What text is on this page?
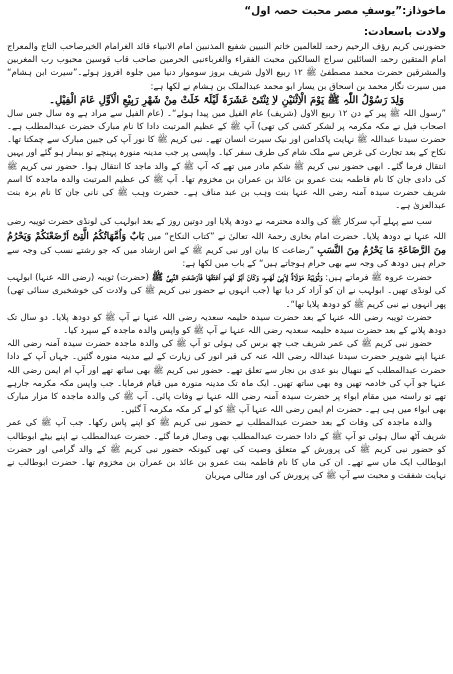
ماخوذاز:
”یوسفِ مصر محبت حصہ اول“
ولادت باسعادت:

حضورنبی کریم رؤف الرحیم رحمۃ للعالمین خاتم النبیین شفیع المذنبین امام الانبیاء قائد الغرامام الخیرصاحب التاج والمعراج امام المتقین رحمۃ السائلین سراج السالکین محبت الفقراء والغرباءنبی الحرمین صاحب قاب قوسین محبوب رب المغربین والمشرقین حضرت محمد مصطفیٰ ﷺ ۱۲ ربیع الاول شریف بروز سوموار دنیا میں جلوہ افروز ہوئے۔”سیرت ابن ہشام“ میں سیرت نگار محمد بن اسحاق بن یسار ابو محمد عبدالملک بن ہشام نے لکھا ہے:

وَلِدَ رَسُوْلُ اللّٰہِ ﷺ یَوْمَ الْاِثْنَیْنِ لاِ ثِنْتَیْ عَشَرَۃَ لَیْلَۃً خَلَتْ مِنْ شَھْرِ رَبِیْعِ الْاَوَّلِ عَامَ الْفِیْلِ۔

”رسول اللہ ﷺ پیر کے دن ۱۲ ربیع الاول (شریف) عام الفیل میں پیدا ہوئے“۔ (عام الفیل سے مراد ہے وہ سال جس سال اصحاب فیل نے مکہ مکرمہ پر لشکر کشی کی تھی) آپ ﷺ کے عظیم المرتبت دادا کا نام مبارک حضرت عبدالمطلب ہے۔ حضرت سیدنا عبداللہ ﷺ نہایت پاکدامن اور نیک سیرت انسان تھے۔ نبی کریم ﷺ کا نور آپ کی جبین مبارک سے چمکتا تھا۔ نکاح کے بعد تجارت کی غرض سے ملک شام کی طرف سفر کیا۔ واپسی پر جب مدینہ منورہ پہنچے تو بیمار ہو گئے اور یہیں انتقال فرما گئے۔ ابھی حضور نبی کریم ﷺ شکم مادر میں تھے کہ آپ ﷺ کے والد ماجد کا انتقال ہوا۔ حضور نبی کریم ﷺ کی دادی جان کا نام فاطمہ بنت عمرو بن عائذ بن عمران بن مخزوم تھا۔ آپ ﷺ کی عظیم المرتبت والدہ ماجدہ کا اسم شریف حضرت سیدہ آمنہ رضی اللہ عنہا بنت وہب بن عبد مناف ہے۔ حضرت وہب ﷺ کی نانی جان کا نام برہ بنت عبدالعزیٰ ہے۔

سب سے پہلے آپ سرکار ﷺ کی والدہ محترمہ نے دودھ پلایا اور دوتین روز کے بعد ابولہب کی لونڈی حضرت ثویبہ رضی اللہ عنہا نے دودھ پلایا۔ حضرت امام بخاری رحمۃ اللہ تعالیٰ نے ”کتاب النکاح“ میں بَابٌ وَاُمَّھَاتُکُمُ الَّتِیْٓ اَرْضَعْنَکُمْ وَیَحْرُمُ مِنَ الرَّضَاعَۃِ مَا یَحْرُمُ مِنَ النَّسَبِ ”رضاعت کا بیان اور نبی کریم ﷺ کے اس ارشاد میں کہ جو رشتے نسب کی وجہ سے حرام ہیں دودھ کی وجہ سے بھی حرام ہوجاتے ہیں“ کے باب میں لکھا ہے:

حضرت عروہ ﷺ فرماتے ہیں: وَثُوَیْبَۃُ مَوْلَاۃٌ لِاَبِیْ لَھَبٍ، وَکَانَ اَبُوْ لَھَبٍ اَعْتَقَھَا فَاَرْضَعَتِ النَّبِیَّ ﷺ (حضرت) ثویبہ (رضی اللہ عنہا) ابولہب کی لونڈی تھیں۔ ابولہب نے ان کو آزاد کر دیا تھا (جب انہوں نے حضور نبی کریم ﷺ کی ولادت کی خوشخبری سنائی تھی) پھر انہوں نے نبی کریم ﷺ کو دودھ پلایا تھا“۔

حضرت ثویبہ رضی اللہ عنہا کے بعد حضرت سیدہ حلیمہ سعدیہ رضی اللہ عنہا نے آپ ﷺ کو دودھ پلایا۔ دو سال تک دودھ پلانے کے بعد حضرت سیدہ حلیمہ سعدیہ رضی اللہ عنہا نے آپ ﷺ کو واپس والدہ ماجدہ کے سپرد کیا۔

حضور نبی کریم ﷺ کی عمر شریف جب چھ برس کی ہوئی تو آپ ﷺ کی والدہ ماجدہ حضرت سیدہ آمنہ رضی اللہ عنہا اپنے شوہر حضرت سیدنا عبداللہ رضی اللہ عنہ کی قبر انور کی زیارت کے لیے مدینہ منورہ گئیں۔ جہاں آپ کے دادا حضرت عبدالمطلب کے ننھیال بنو عدی بن نجار سے تعلق تھے۔ حضور نبی کریم ﷺ بھی ساتھ تھے اور آپ ام ایمن رضی اللہ عنہا جو آپ کی خادمہ تھیں وہ بھی ساتھ تھیں۔ ایک ماہ تک مدینہ منورہ میں قیام فرمایا۔ جب واپس مکہ مکرمہ جارہے تھے تو راستہ میں مقام ابواء پر حضرت سیدہ آمنہ رضی اللہ عنہا نے وفات پائی۔ آپ ﷺ کی والدہ ماجدہ کا مزار مبارک بھی ابواء میں ہی ہے۔ حضرت ام ایمن رضی اللہ عنہا آپ ﷺ کو لے کر مکہ مکرمہ آ گئیں۔

والدہ ماجدہ کی وفات کے بعد حضرت عبدالمطلب نے حضور نبی کریم ﷺ کو اپنے پاس رکھا۔ جب آپ ﷺ کی عمر شریف آٹھ سال ہوئی تو آپ ﷺ کے دادا حضرت عبدالمطلب بھی وصال فرما گئے۔ حضرت عبدالمطلب نے اپنے بیٹے ابوطالب کو حضور نبی کریم ﷺ کی پرورش کے متعلق وصیت کی تھی کیونکہ حضور نبی کریم ﷺ کے والد گرامی اور حضرت ابوطالب ایک ماں سے تھے۔ ان کی ماں کا نام فاطمہ بنت عمرو بن عائذ بن عمران بن مخزوم تھا۔ حضرت ابوطالب نے نہایت شفقت و محبت سے آپ ﷺ کی پرورش کی اور مثالی مہربان
